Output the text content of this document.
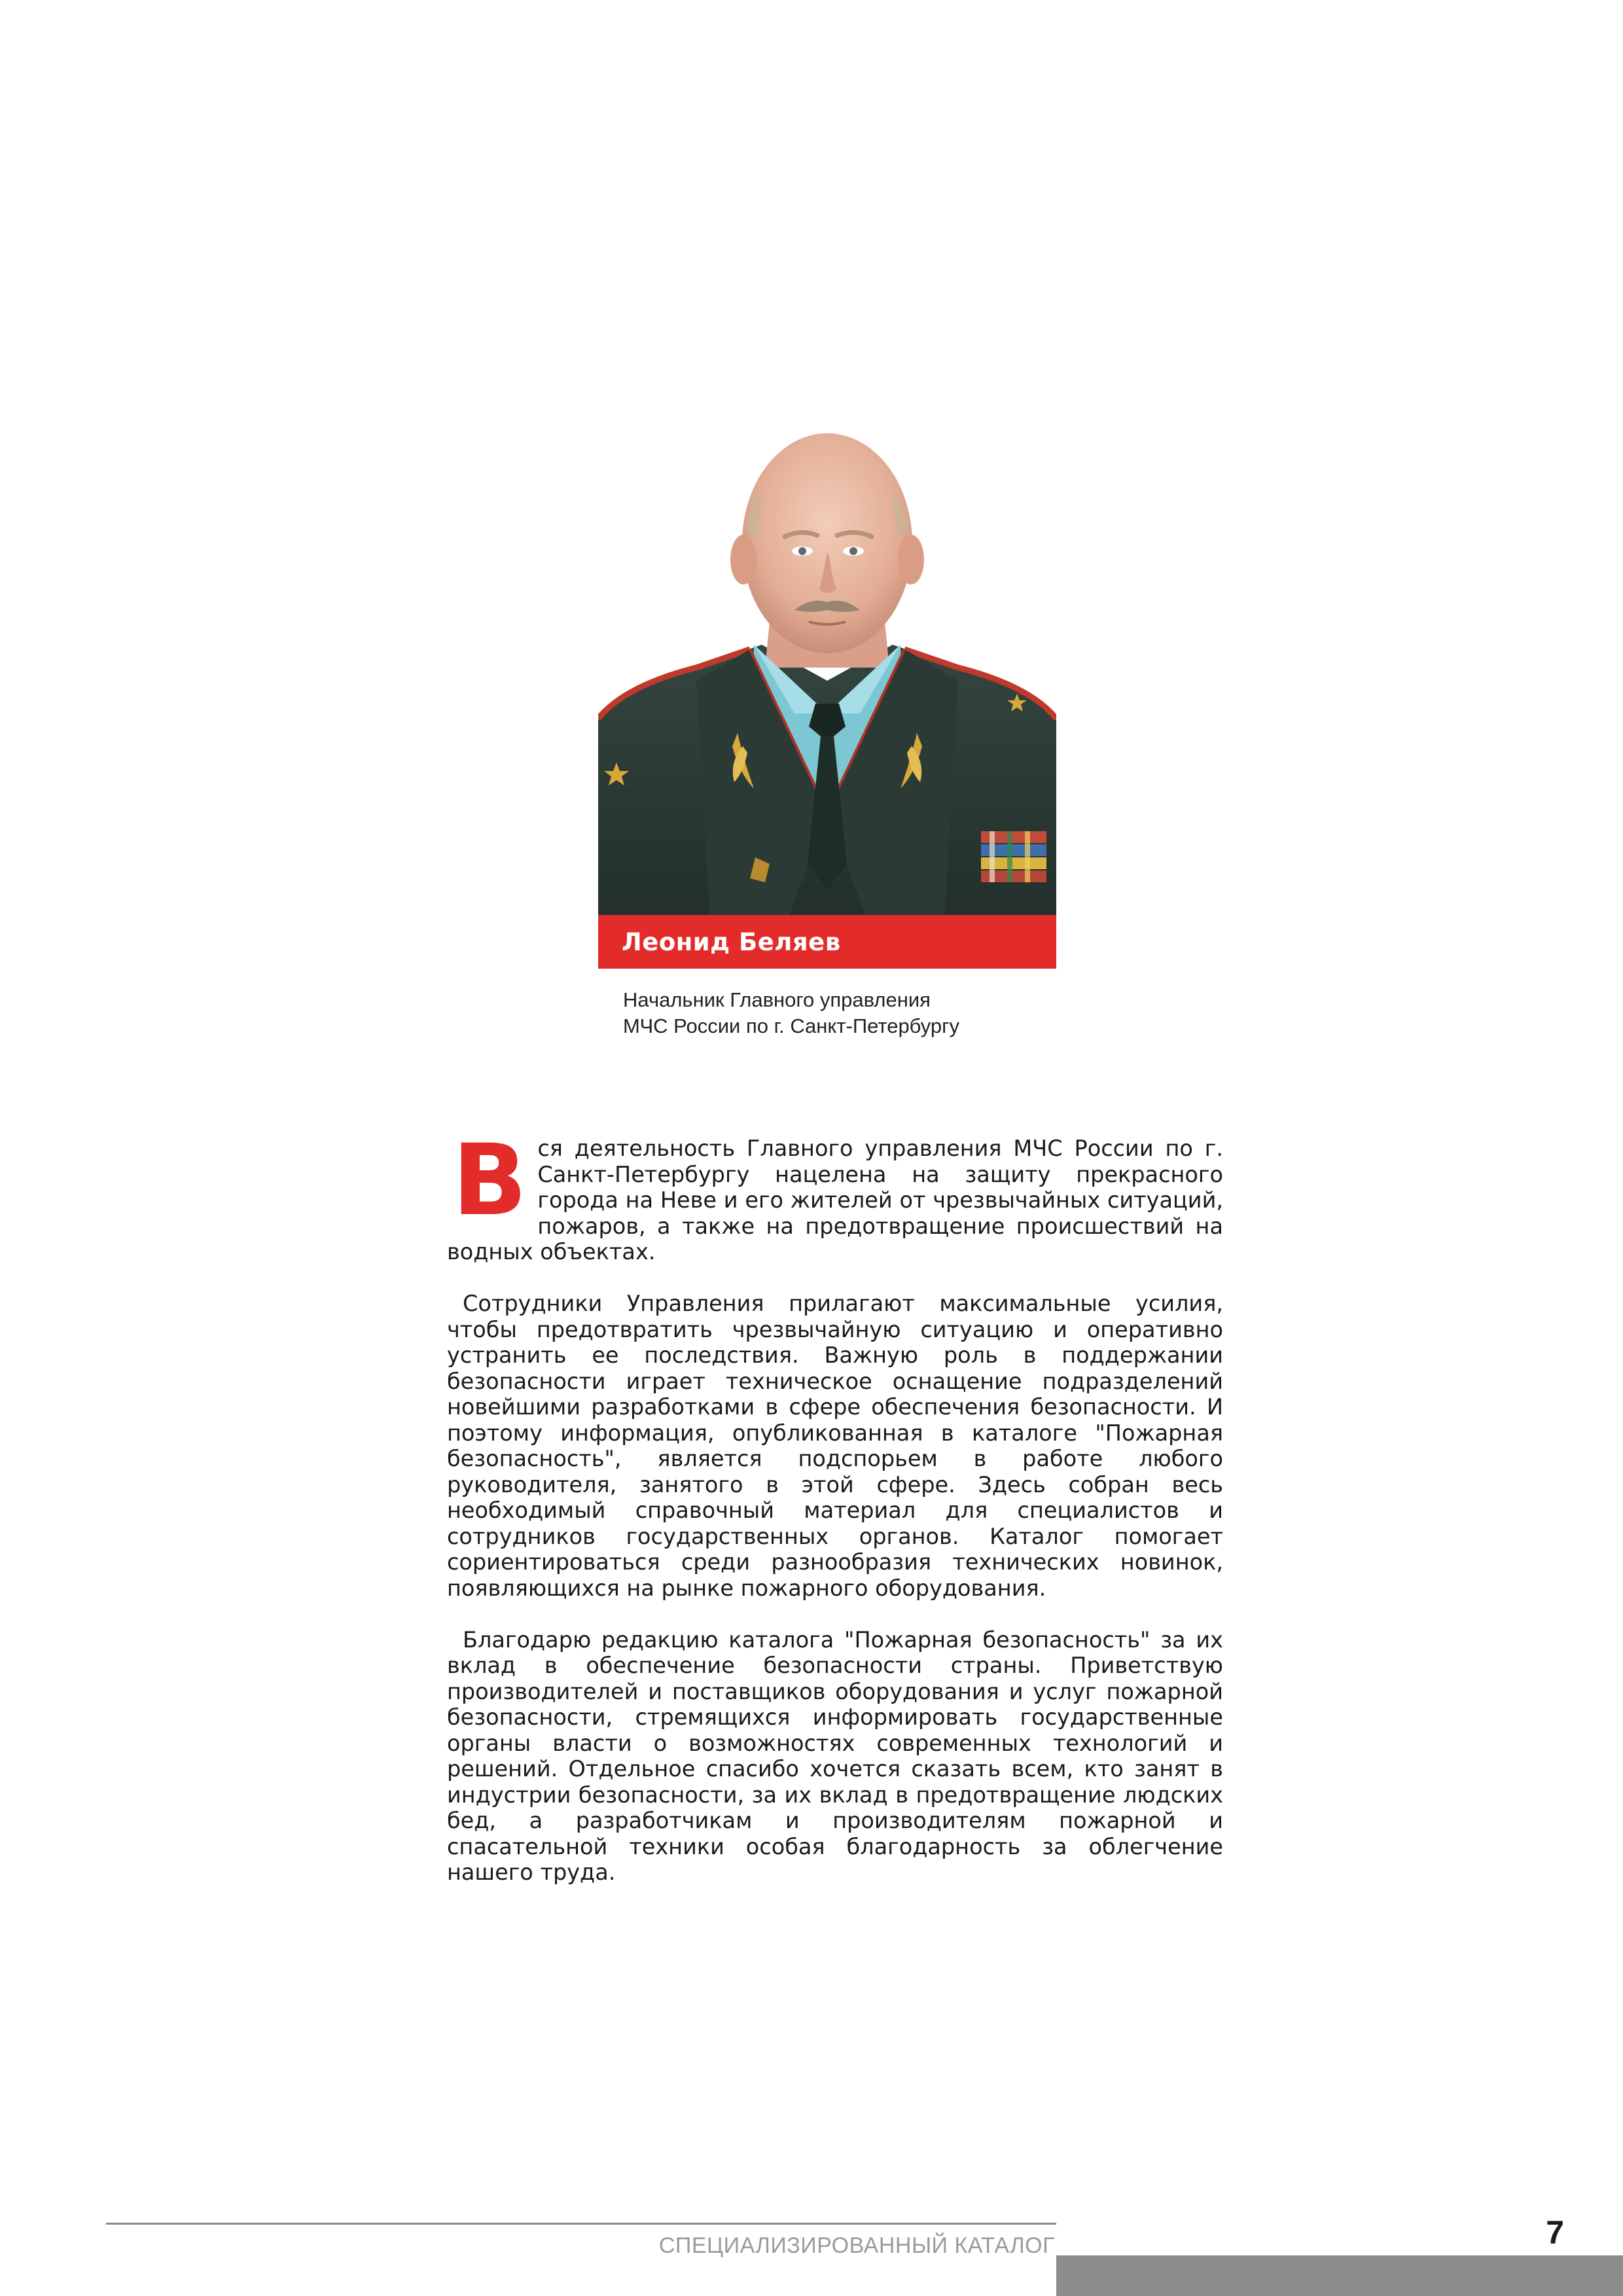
Леонид Беляев
Начальник Главного управления
МЧС России по г. Санкт-Петербургу

Вся деятельность Главного управления МЧС России по г. Санкт-Петербургу нацелена на защиту прекрасного города на Неве и его жителей от чрезвычайных ситуаций, пожаров, а также на предотвращение происшествий на водных объектах.

Сотрудники Управления прилагают максимальные усилия, чтобы предотвратить чрезвычайную ситуацию и оперативно устранить ее последствия. Важную роль в поддержании безопасности играет техническое оснащение подразделений новейшими разработками в сфере обеспечения безопасности. И поэтому информация, опубликованная в каталоге "Пожарная безопасность", является подспорьем в работе любого руководителя, занятого в этой сфере. Здесь собран весь необходимый справочный материал для специалистов и сотрудников государственных органов. Каталог помогает сориентироваться среди разнообразия технических новинок, появляющихся на рынке пожарного оборудования.

Благодарю редакцию каталога "Пожарная безопасность" за их вклад в обеспечение безопасности страны. Приветствую производителей и поставщиков оборудования и услуг пожарной безопасности, стремящихся информировать государственные органы власти о возможностях современных технологий и решений. Отдельное спасибо хочется сказать всем, кто занят в индустрии безопасности, за их вклад в предотвращение людских бед, а разработчикам и производителям пожарной и спасательной техники особая благодарность за облегчение нашего труда.

СПЕЦИАЛИЗИРОВАННЫЙ КАТАЛОГ	7
